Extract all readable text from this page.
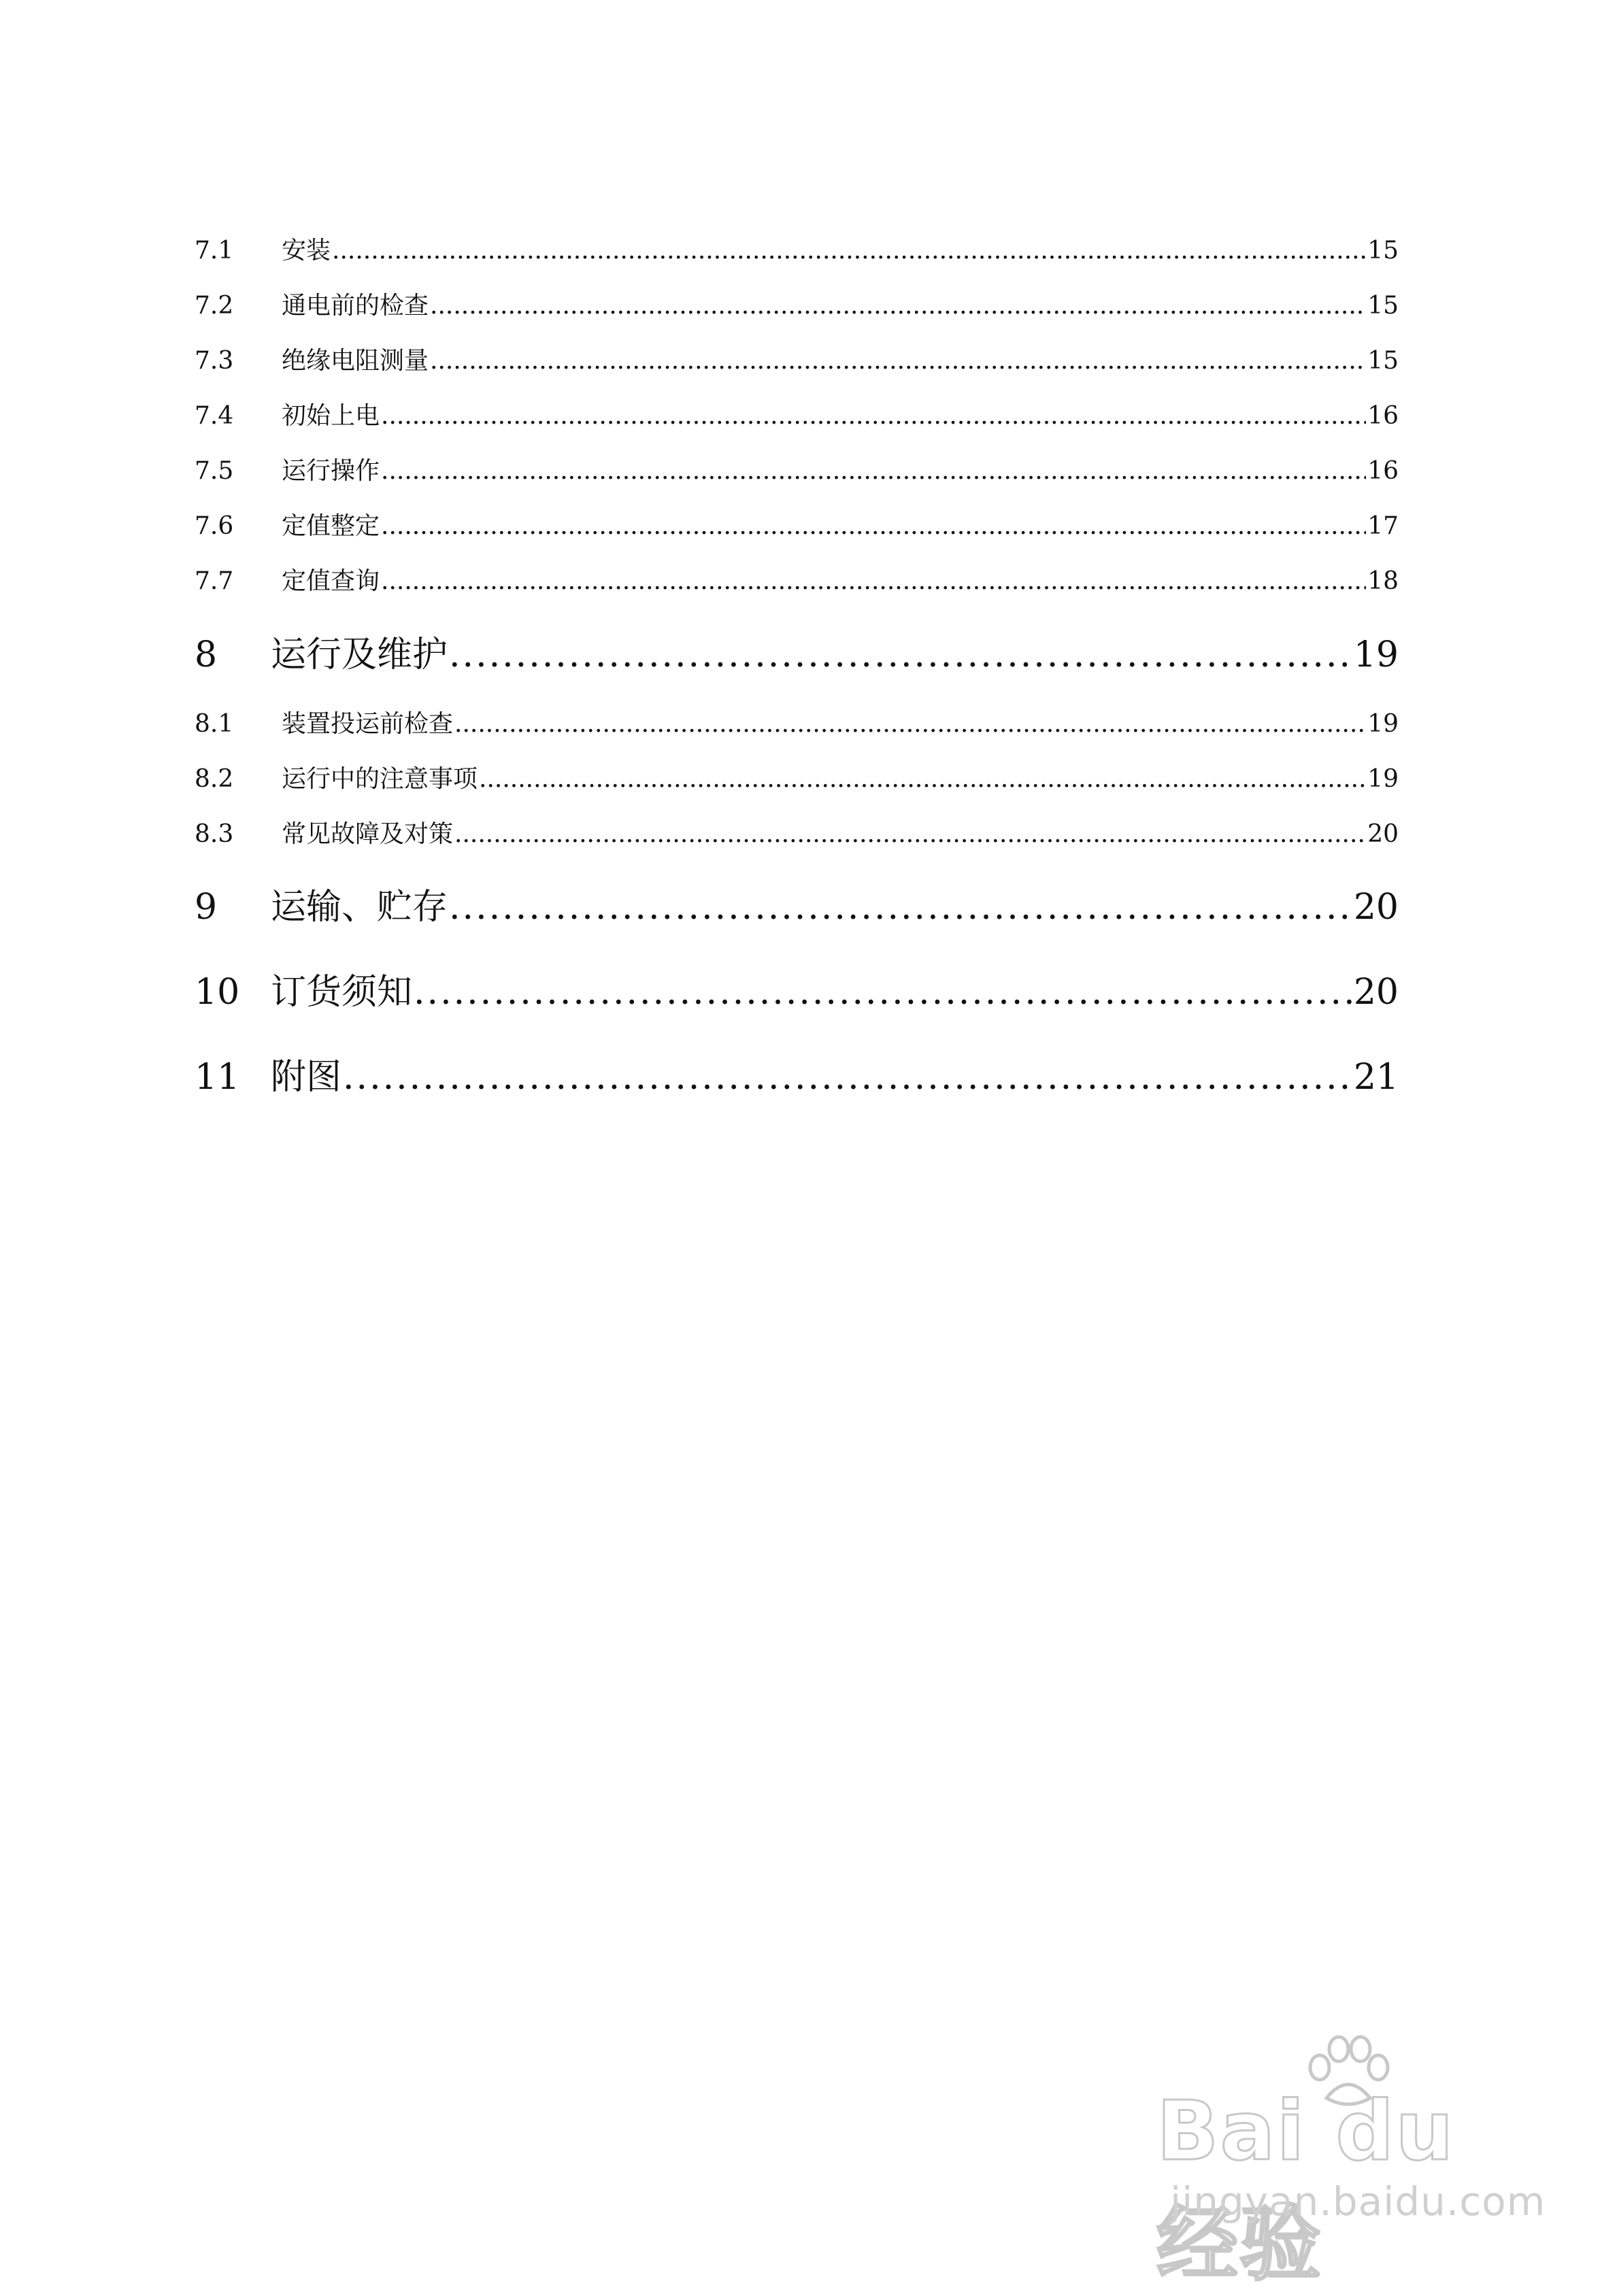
7.1	安装 .....	15
7.2	通电前的检查 .....	15
7.3	绝缘电阻测量 .....	15
7.4	初始上电 .....	16
7.5	运行操作 .....	16
7.6	定值整定 .....	17
7.7	定值查询 .....	18
8	运行及维护 .....	19
8.1	装置投运前检查 .....	19
8.2	运行中的注意事项 .....	19
8.3	常见故障及对策 .....	20
9	运输、贮存 .....	20
10 订货须知 .....	20
11 附图 .....	21
Bai du 经验
jingyan.baidu.com
